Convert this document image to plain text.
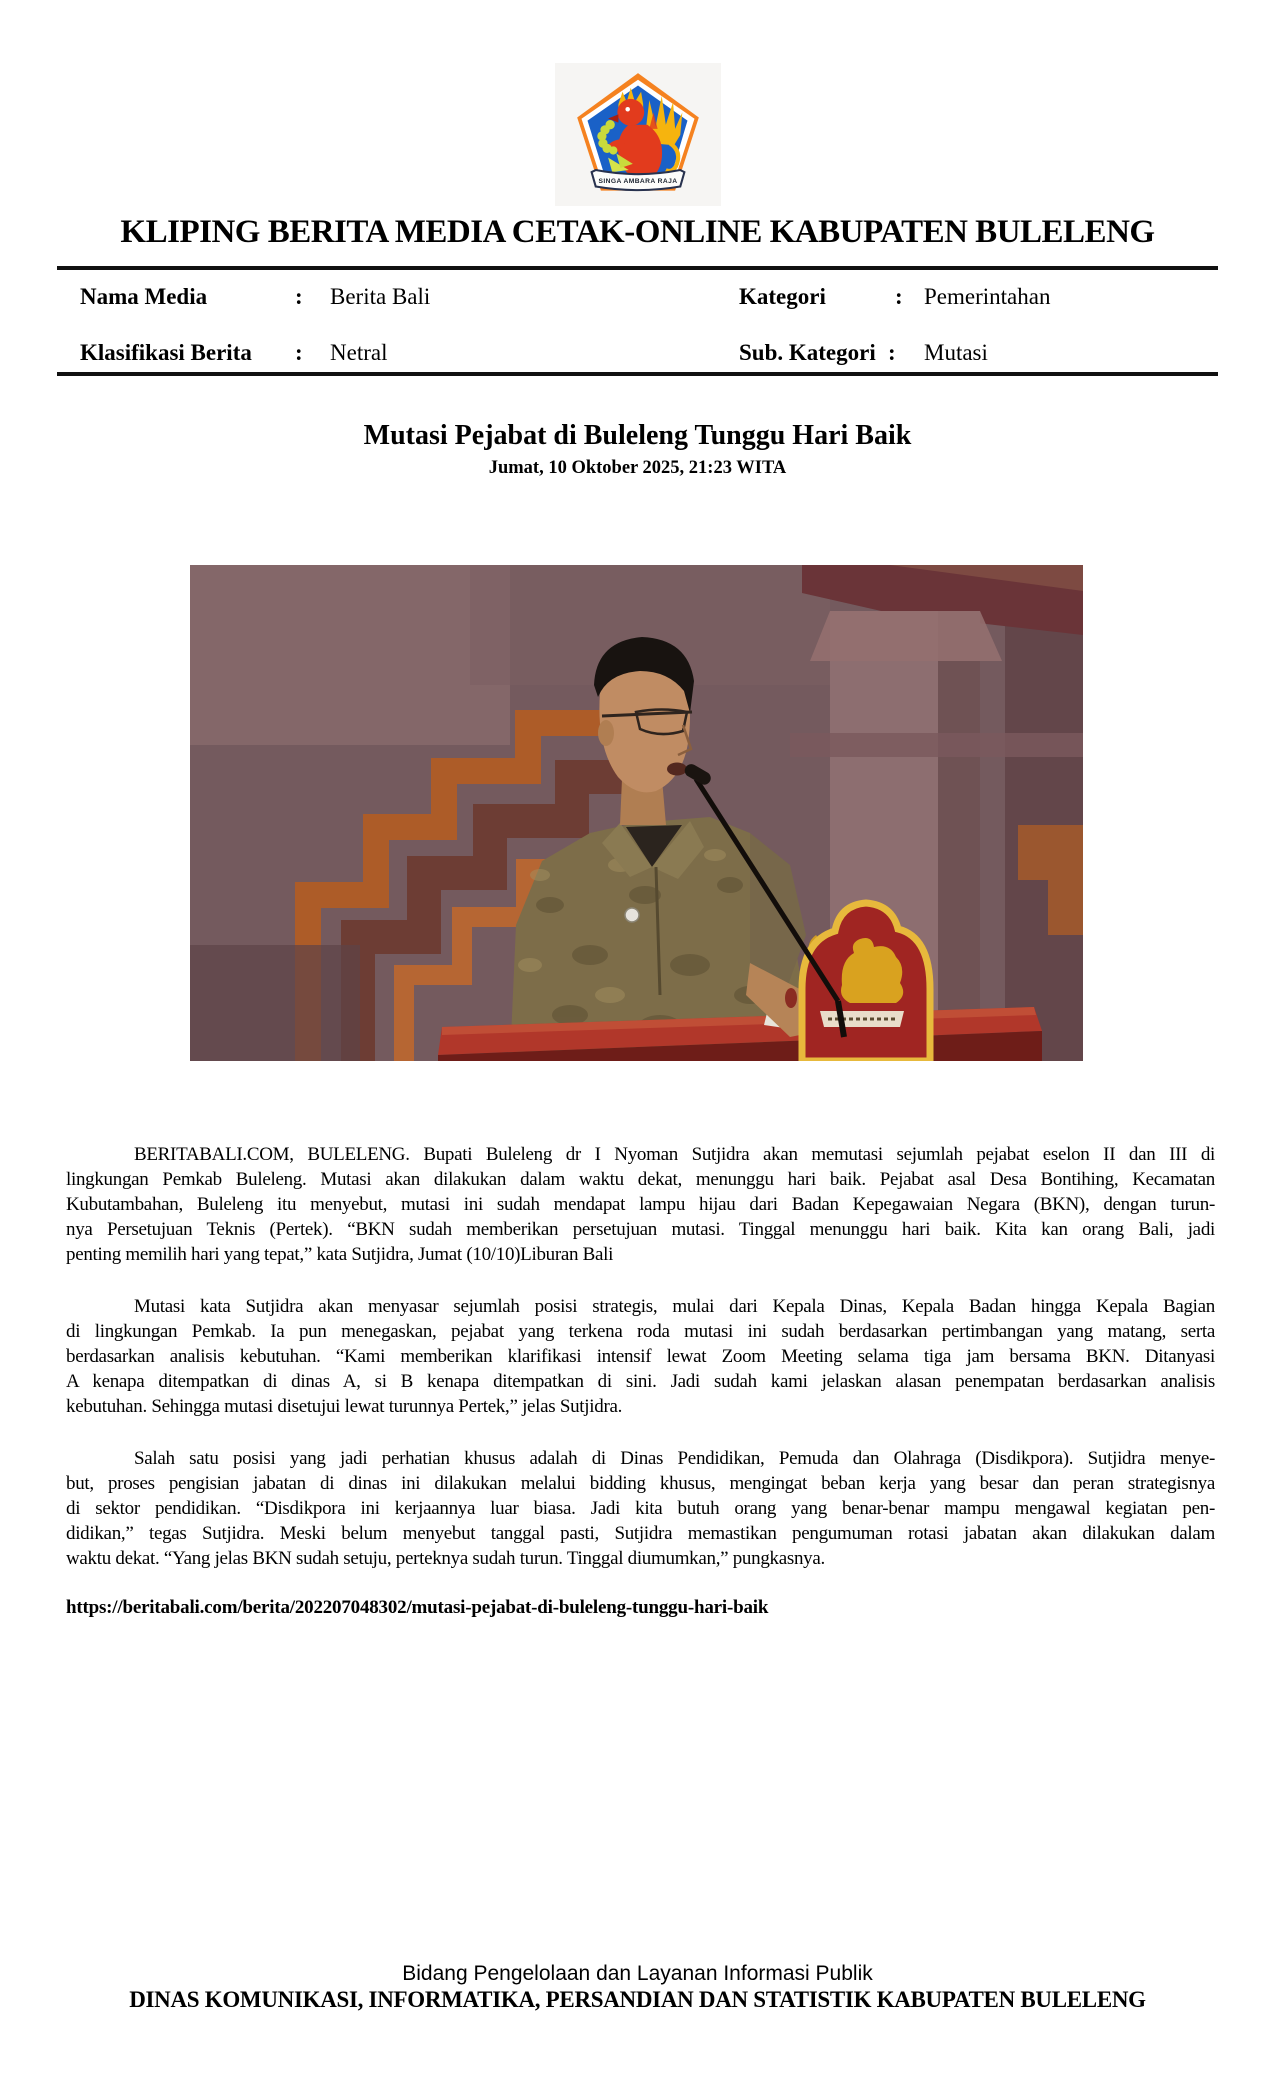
SINGA AMBARA RAJA
KLIPING BERITA MEDIA CETAK-ONLINE KABUPATEN BULELENG
Nama Media	: Berita Bali	Kategori	: Pemerintahan
Klasifikasi Berita : Netral	Sub. Kategori : Mutasi
Mutasi Pejabat di Buleleng Tunggu Hari Baik
Jumat, 10 Oktober 2025, 21:23 WITA

BERITABALI.COM, BULELENG. Bupati Buleleng dr I Nyoman Sutjidra akan memutasi sejumlah pejabat eselon II dan III di
lingkungan Pemkab Buleleng. Mutasi akan dilakukan dalam waktu dekat, menunggu hari baik. Pejabat asal Desa Bontihing, Kecamatan
Kubutambahan, Buleleng itu menyebut, mutasi ini sudah mendapat lampu hijau dari Badan Kepegawaian Negara (BKN), dengan turun-
nya Persetujuan Teknis (Pertek). “BKN sudah memberikan persetujuan mutasi. Tinggal menunggu hari baik. Kita kan orang Bali, jadi
penting memilih hari yang tepat,” kata Sutjidra, Jumat (10/10)Liburan Bali

Mutasi kata Sutjidra akan menyasar sejumlah posisi strategis, mulai dari Kepala Dinas, Kepala Badan hingga Kepala Bagian
di lingkungan Pemkab. Ia pun menegaskan, pejabat yang terkena roda mutasi ini sudah berdasarkan pertimbangan yang matang, serta
berdasarkan analisis kebutuhan. “Kami memberikan klarifikasi intensif lewat Zoom Meeting selama tiga jam bersama BKN. Ditanyasi
A kenapa ditempatkan di dinas A, si B kenapa ditempatkan di sini. Jadi sudah kami jelaskan alasan penempatan berdasarkan analisis
kebutuhan. Sehingga mutasi disetujui lewat turunnya Pertek,” jelas Sutjidra.

Salah satu posisi yang jadi perhatian khusus adalah di Dinas Pendidikan, Pemuda dan Olahraga (Disdikpora). Sutjidra menye-
but, proses pengisian jabatan di dinas ini dilakukan melalui bidding khusus, mengingat beban kerja yang besar dan peran strategisnya
di sektor pendidikan. “Disdikpora ini kerjaannya luar biasa. Jadi kita butuh orang yang benar-benar mampu mengawal kegiatan pen-
didikan,” tegas Sutjidra. Meski belum menyebut tanggal pasti, Sutjidra memastikan pengumuman rotasi jabatan akan dilakukan dalam
waktu dekat. “Yang jelas BKN sudah setuju, perteknya sudah turun. Tinggal diumumkan,” pungkasnya.

https://beritabali.com/berita/202207048302/mutasi-pejabat-di-buleleng-tunggu-hari-baik
Bidang Pengelolaan dan Layanan Informasi Publik
DINAS KOMUNIKASI, INFORMATIKA, PERSANDIAN DAN STATISTIK KABUPATEN BULELENG
